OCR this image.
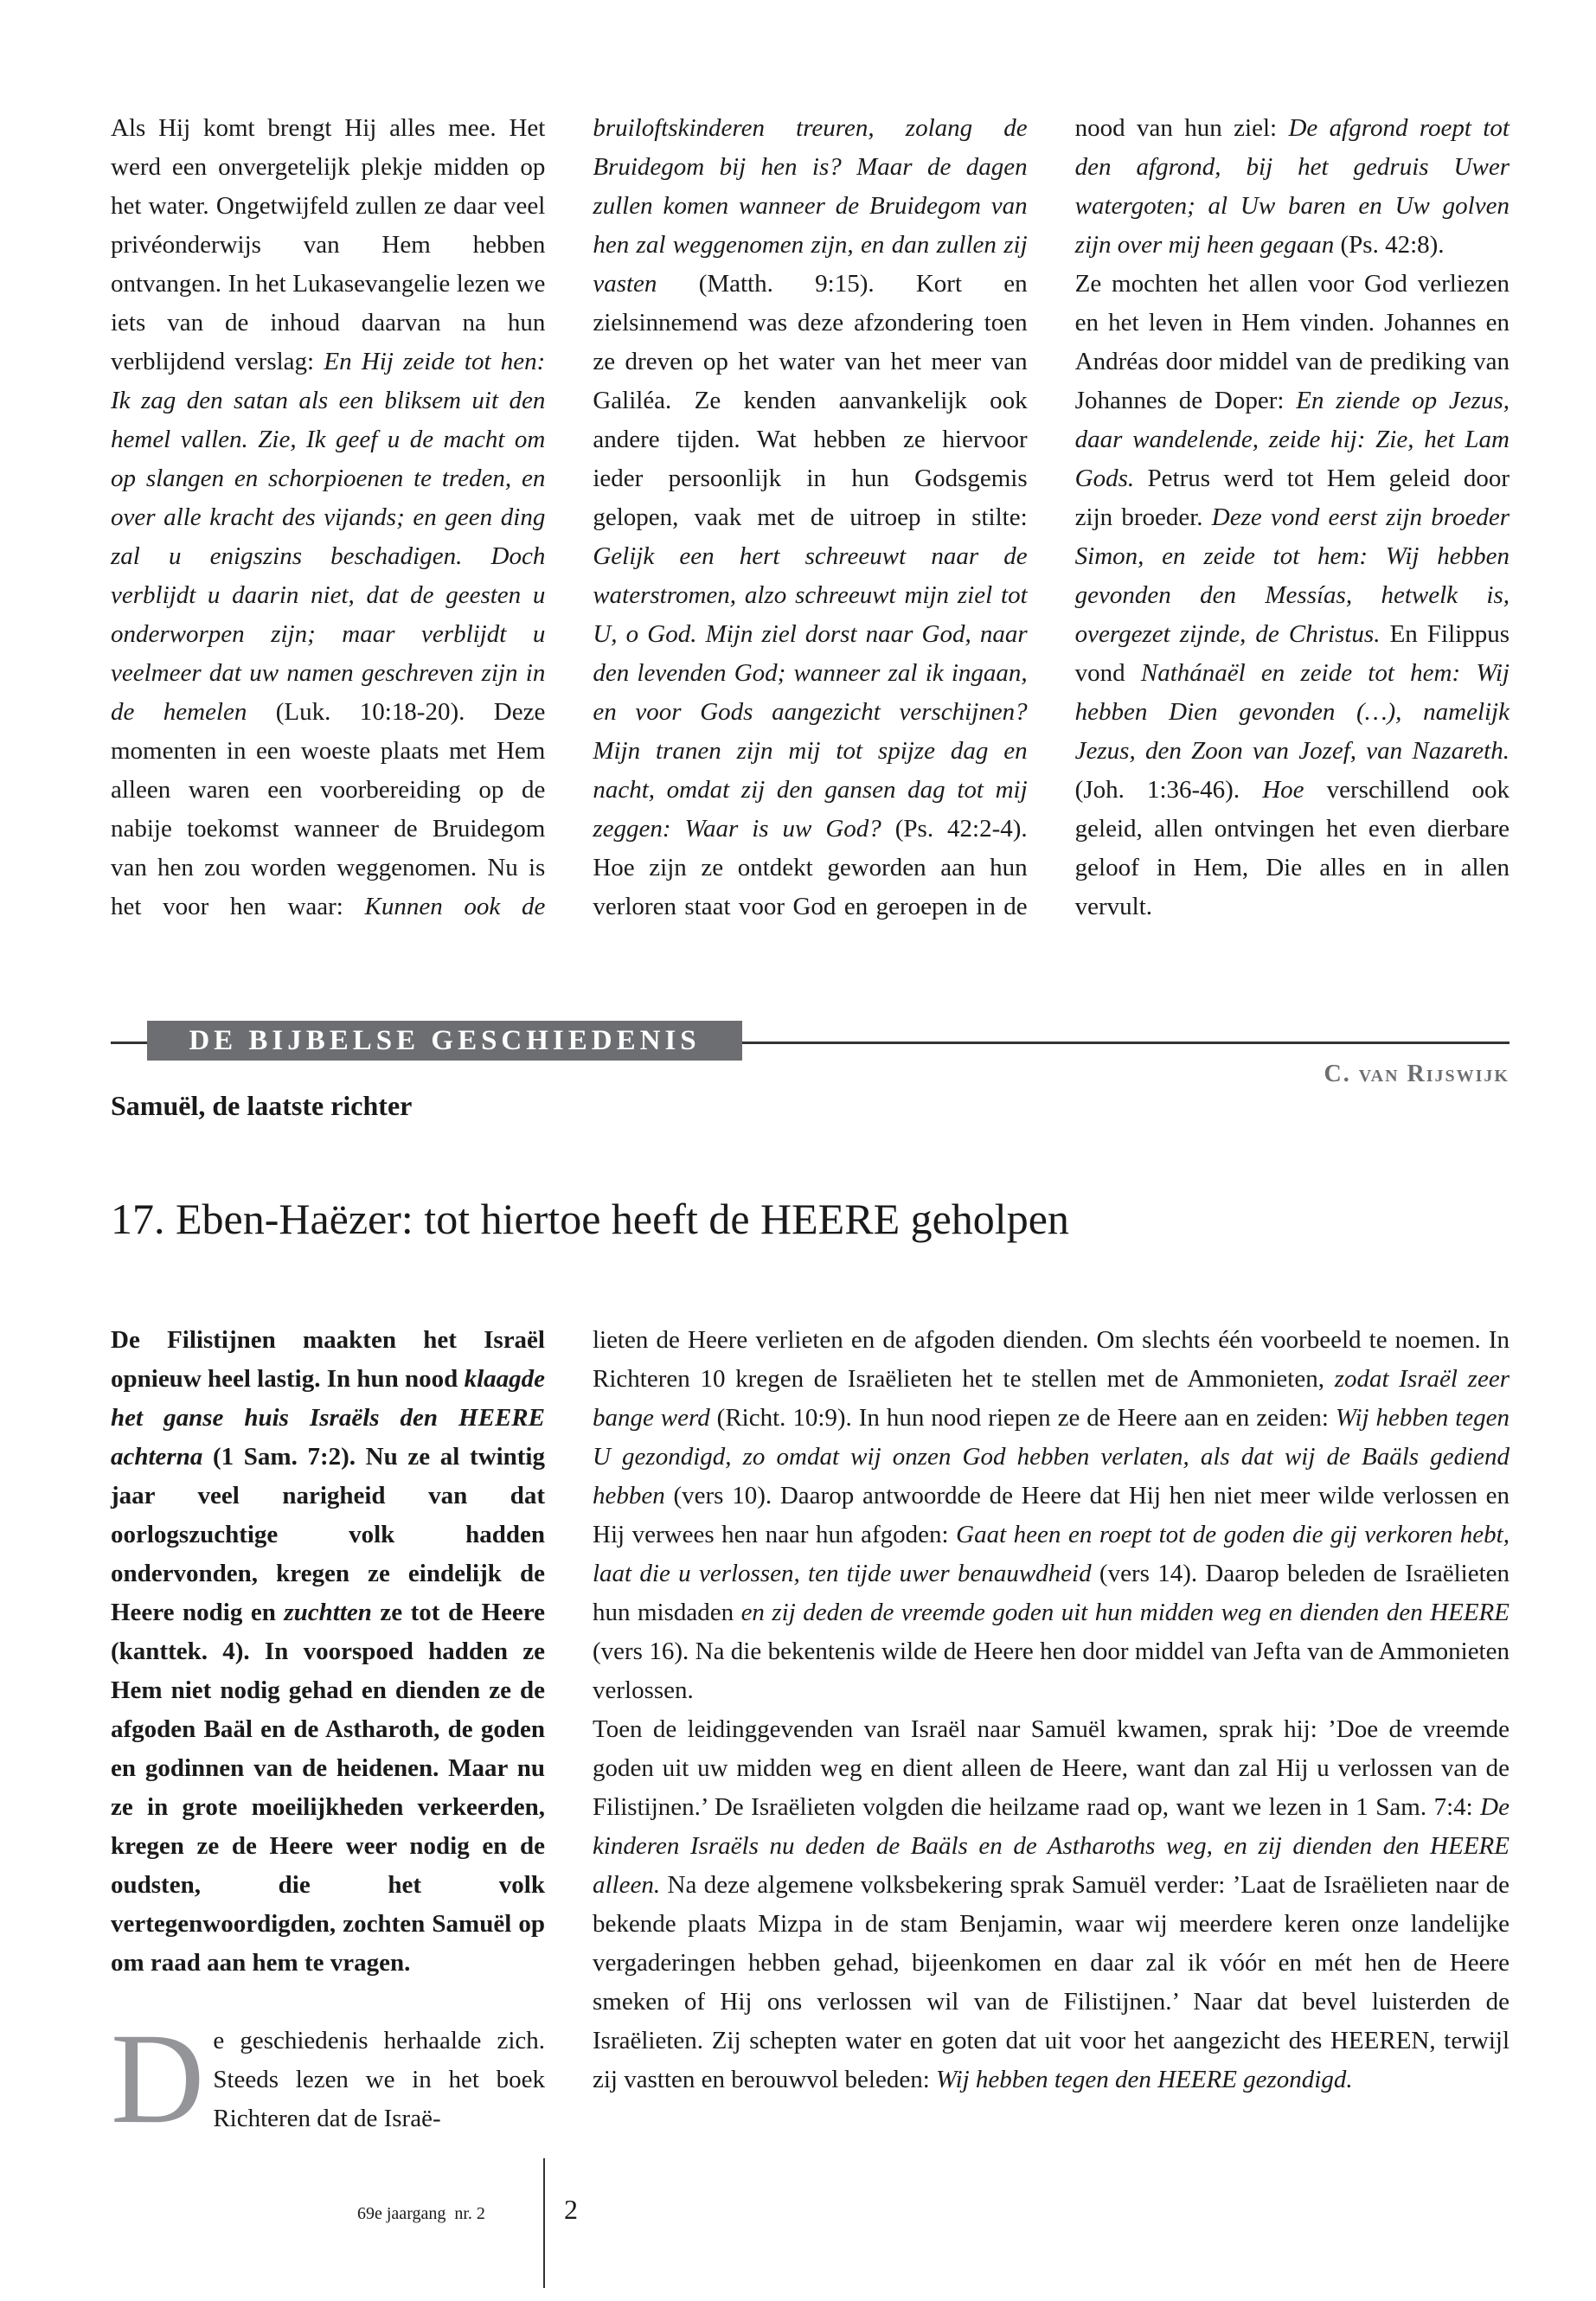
Als Hij komt brengt Hij alles mee. Het werd een onvergetelijk plekje midden op het water. Ongetwijfeld zullen ze daar veel privéonderwijs van Hem hebben ontvangen. In het Lukasevangelie lezen we iets van de inhoud daarvan na hun verblijdend verslag: En Hij zeide tot hen: Ik zag den satan als een bliksem uit den hemel vallen. Zie, Ik geef u de macht om op slangen en schorpioenen te treden, en over alle kracht des vijands; en geen ding zal u enigszins beschadigen. Doch verblijdt u daarin niet, dat de geesten u onderworpen zijn; maar verblijdt u veelmeer dat uw namen geschreven zijn in de hemelen (Luk. 10:18-20). Deze momenten in een woeste plaats met Hem alleen waren een voorbereiding op de nabije toekomst wanneer de Bruidegom van hen zou worden weggenomen. Nu is het voor hen waar: Kunnen ook de bruiloftskinderen treuren, zolang de Bruidegom bij hen is? Maar de dagen zullen komen wanneer de Bruidegom van hen zal weggenomen zijn, en dan zullen zij vasten (Matth. 9:15). Kort en zielsinnemend was deze afzondering toen ze dreven op het water van het meer van Galiléa. Ze kenden aanvankelijk ook andere tijden. Wat hebben ze hiervoor ieder persoonlijk in hun Godsgemis gelopen, vaak met de uitroep in stilte: Gelijk een hert schreeuwt naar de waterstromen, alzo schreeuwt mijn ziel tot U, o God. Mijn ziel dorst naar God, naar den levenden God; wanneer zal ik ingaan, en voor Gods aangezicht verschijnen? Mijn tranen zijn mij tot spijze dag en nacht, omdat zij den gansen dag tot mij zeggen: Waar is uw God? (Ps. 42:2-4). Hoe zijn ze ontdekt geworden aan hun verloren staat voor God en geroepen in de nood van hun ziel: De afgrond roept tot den afgrond, bij het gedruis Uwer watergoten; al Uw baren en Uw golven zijn over mij heen gegaan (Ps. 42:8).

Ze mochten het allen voor God verliezen en het leven in Hem vinden. Johannes en Andréas door middel van de prediking van Johannes de Doper: En ziende op Jezus, daar wandelende, zeide hij: Zie, het Lam Gods. Petrus werd tot Hem geleid door zijn broeder. Deze vond eerst zijn broeder Simon, en zeide tot hem: Wij hebben gevonden den Messías, hetwelk is, overgezet zijnde, de Christus. En Filippus vond Nathánaël en zeide tot hem: Wij hebben Dien gevonden (…), namelijk Jezus, den Zoon van Jozef, van Nazareth. (Joh. 1:36-46). Hoe verschillend ook geleid, allen ontvingen het even dierbare geloof in Hem, Die alles en in allen vervult.

DE BIJBELSE GESCHIEDENIS
C. van Rijswijk
Samuël, de laatste richter
17. Eben-Haëzer: tot hiertoe heeft de HEERE geholpen
De Filistijnen maakten het Israël opnieuw heel lastig. In hun nood klaagde het ganse huis Israëls den HEERE achterna (1 Sam. 7:2). Nu ze al twintig jaar veel narigheid van dat oorlogszuchtige volk hadden ondervonden, kregen ze eindelijk de Heere nodig en zuchtten ze tot de Heere (kanttek. 4). In voorspoed hadden ze Hem niet nodig gehad en dienden ze de afgoden Baäl en de Astharoth, de goden en godinnen van de heidenen. Maar nu ze in grote moeilijkheden verkeerden, kregen ze de Heere weer nodig en de oudsten, die het volk vertegenwoordigden, zochten Samuël op om raad aan hem te vragen.
De geschiedenis herhaalde zich. Steeds lezen we in het boek Richteren dat de Israë-

lieten de Heere verlieten en de afgoden dienden. Om slechts één voorbeeld te noemen. In Richteren 10 kregen de Israëlieten het te stellen met de Ammonieten, zodat Israël zeer bange werd (Richt. 10:9). In hun nood riepen ze de Heere aan en zeiden: Wij hebben tegen U gezondigd, zo omdat wij onzen God hebben verlaten, als dat wij de Baäls gediend hebben (vers 10). Daarop antwoordde de Heere dat Hij hen niet meer wilde verlossen en Hij verwees hen naar hun afgoden: Gaat heen en roept tot de goden die gij verkoren hebt, laat die u verlossen, ten tijde uwer benauwdheid (vers 14). Daarop beleden de Israëlieten hun misdaden en zij deden de vreemde goden uit hun midden weg en dienden den HEERE (vers 16). Na die bekentenis wilde de Heere hen door middel van Jefta van de Ammonieten verlossen.

Toen de leidinggevenden van Israël naar Samuël kwamen, sprak hij: ’Doe de vreemde goden uit uw midden weg en dient alleen de Heere, want dan zal Hij u verlossen van de Filistijnen.’ De Israëlieten volgden die heilzame raad op, want we lezen in 1 Sam. 7:4: De kinderen Israëls nu deden de Baäls en de Astharoths weg, en zij dienden den HEERE alleen. Na deze algemene volksbekering sprak Samuël verder: ’Laat de Israëlieten naar de bekende plaats Mizpa in de stam Benjamin, waar wij meerdere keren onze landelijke vergaderingen hebben gehad, bijeenkomen en daar zal ik vóór en mét hen de Heere smeken of Hij ons verlossen wil van de Filistijnen.’ Naar dat bevel luisterden de Israëlieten. Zij schepten water en goten dat uit voor het aangezicht des HEEREN, terwijl zij vastten en berouwvol beleden: Wij hebben tegen den HEERE gezondigd.

69e jaargang  nr. 2	2
